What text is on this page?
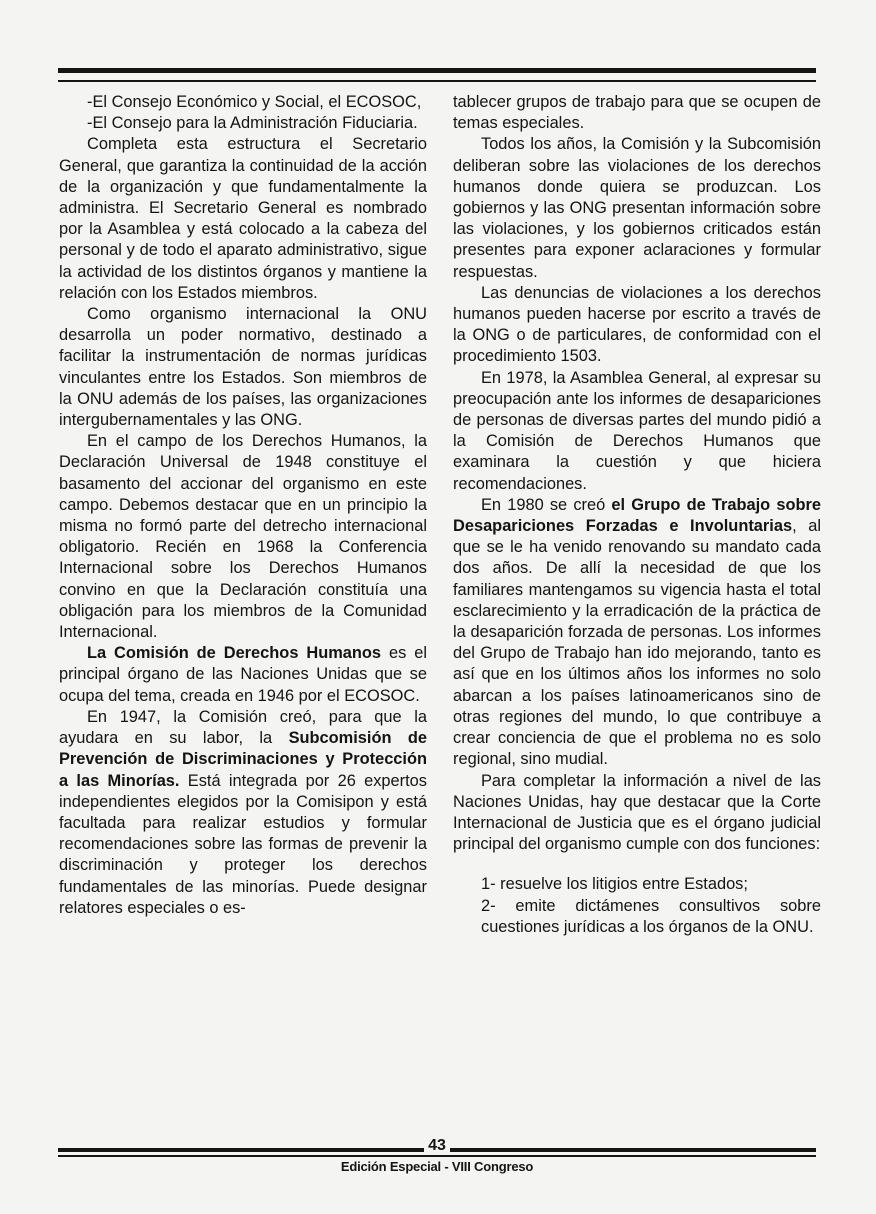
-El Consejo Económico y Social, el ECOSOC,

-El Consejo para la Administración Fiduciaria.

Completa esta estructura el Secretario General, que garantiza la continuidad de la acción de la organización y que fundamentalmente la administra. El Secretario General es nombrado por la Asamblea y está colocado a la cabeza del personal y de todo el aparato administrativo, sigue la actividad de los distintos órganos y mantiene la relación con los Estados miembros.

Como organismo internacional la ONU desarrolla un poder normativo, destinado a facilitar la instrumentación de normas jurídicas vinculantes entre los Estados. Son miembros de la ONU además de los países, las organizaciones intergubernamentales y las ONG.

En el campo de los Derechos Humanos, la Declaración Universal de 1948 constituye el basamento del accionar del organismo en este campo. Debemos destacar que en un principio la misma no formó parte del detrecho internacional obligatorio. Recién en 1968 la Conferencia Internacional sobre los Derechos Humanos convino en que la Declaración constituía una obligación para los miembros de la Comunidad Internacional.

La Comisión de Derechos Humanos es el principal órgano de las Naciones Unidas que se ocupa del tema, creada en 1946 por el ECOSOC.

En 1947, la Comisión creó, para que la ayudara en su labor, la Subcomisión de Prevención de Discriminaciones y Protección a las Minorías. Está integrada por 26 expertos independientes elegidos por la Comisipon y está facultada para realizar estudios y formular recomendaciones sobre las formas de prevenir la discriminación y proteger los derechos fundamentales de las minorías. Puede designar relatores especiales o es-

tablecer grupos de trabajo para que se ocupen de temas especiales.

Todos los años, la Comisión y la Subcomisión deliberan sobre las violaciones de los derechos humanos donde quiera se produzcan. Los gobiernos y las ONG presentan información sobre las violaciones, y los gobiernos criticados están presentes para exponer aclaraciones y formular respuestas.

Las denuncias de violaciones a los derechos humanos pueden hacerse por escrito a través de la ONG o de particulares, de conformidad con el procedimiento 1503.

En 1978, la Asamblea General, al expresar su preocupación ante los informes de desapariciones de personas de diversas partes del mundo pidió a la Comisión de Derechos Humanos que examinara la cuestión y que hiciera recomendaciones.

En 1980 se creó el Grupo de Trabajo sobre Desapariciones Forzadas e Involuntarias, al que se le ha venido renovando su mandato cada dos años. De allí la necesidad de que los familiares mantengamos su vigencia hasta el total esclarecimiento y la erradicación de la práctica de la desaparición forzada de personas. Los informes del Grupo de Trabajo han ido mejorando, tanto es así que en los últimos años los informes no solo abarcan a los países latinoamericanos sino de otras regiones del mundo, lo que contribuye a crear conciencia de que el problema no es solo regional, sino mudial.

Para completar la información a nivel de las Naciones Unidas, hay que destacar que la Corte Internacional de Justicia que es el órgano judicial principal del organismo cumple con dos funciones:

1- resuelve los litigios entre Estados;

2- emite dictámenes consultivos sobre cuestiones jurídicas a los órganos de la ONU.

43
Edición Especial - VIII Congreso
